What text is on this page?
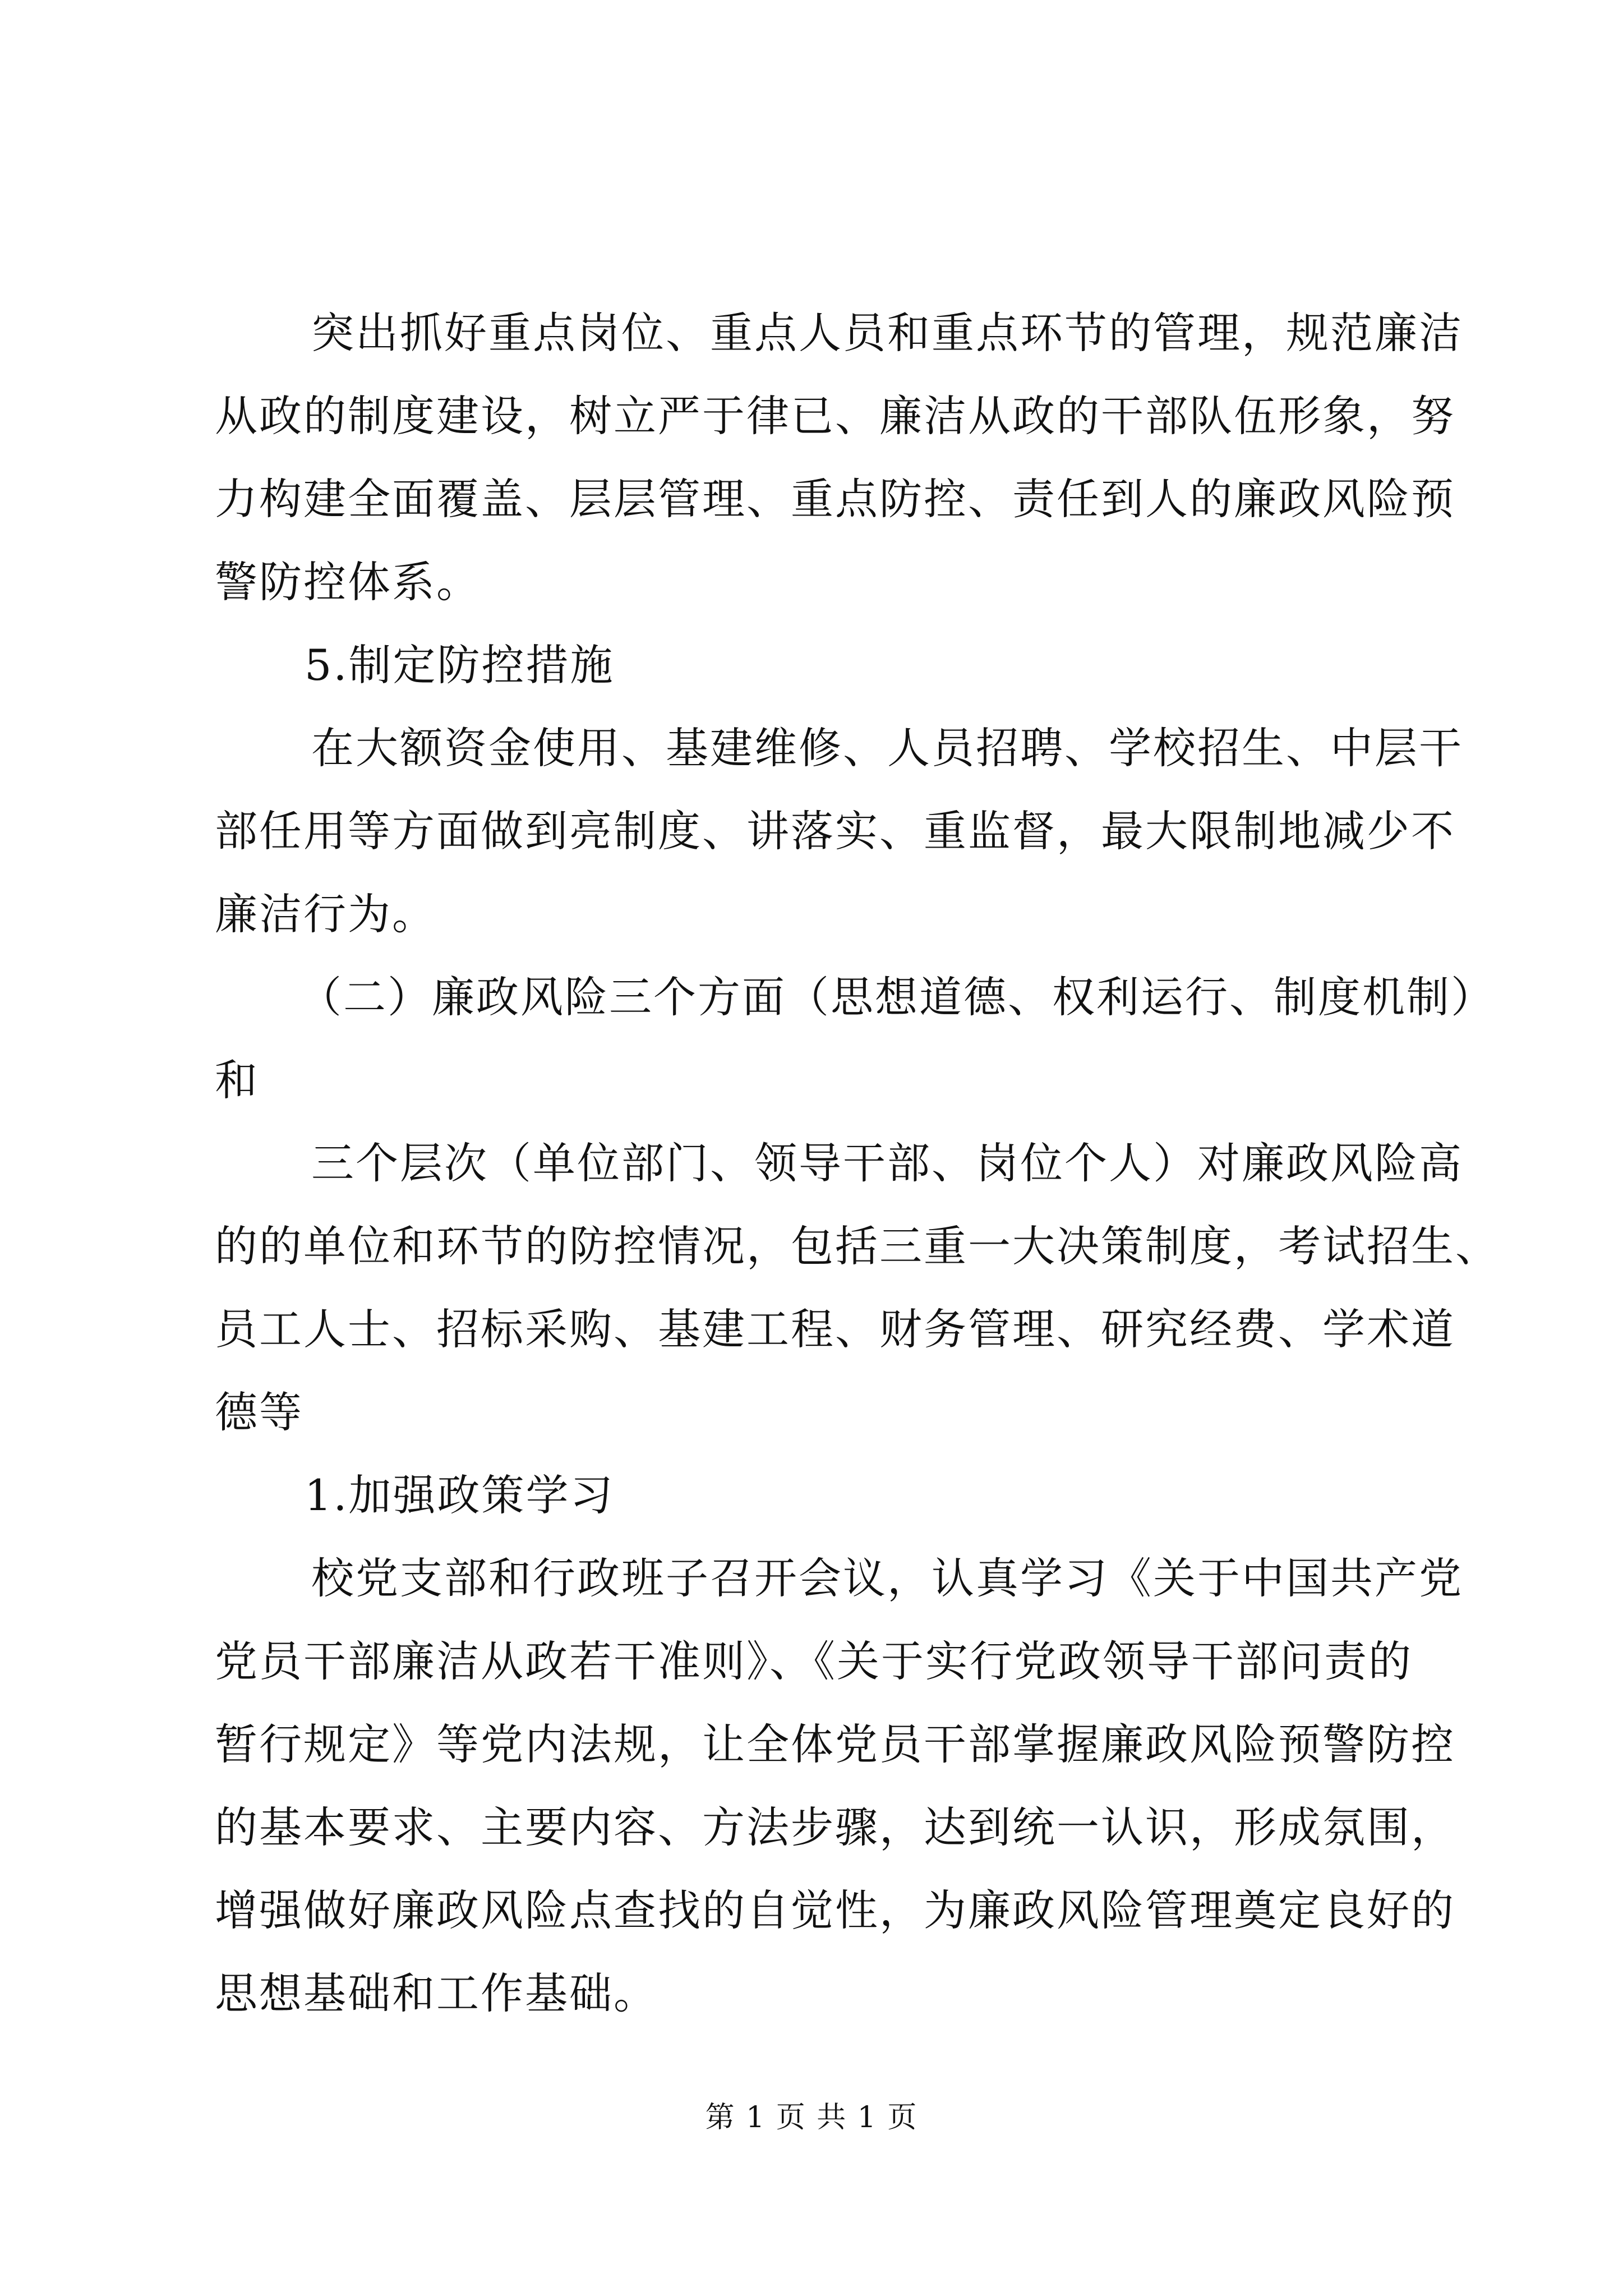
突出抓好重点岗位、重点人员和重点环节的管理，规范廉洁
从政的制度建设，树立严于律已、廉洁从政的干部队伍形象，努
力构建全面覆盖、层层管理、重点防控、责任到人的廉政风险预
警防控体系。
5.制定防控措施
在大额资金使用、基建维修、人员招聘、学校招生、中层干
部任用等方面做到亮制度、讲落实、重监督，最大限制地减少不
廉洁行为。
（二）廉政风险三个方面（思想道德、权利运行、制度机制）
和
三个层次（单位部门、领导干部、岗位个人）对廉政风险高
的的单位和环节的防控情况，包括三重一大决策制度，考试招生、
员工人士、招标采购、基建工程、财务管理、研究经费、学术道
德等
1.加强政策学习
校党支部和行政班子召开会议，认真学习《关于中国共产党
党员干部廉洁从政若干准则》、《关于实行党政领导干部问责的
暂行规定》等党内法规，让全体党员干部掌握廉政风险预警防控
的基本要求、主要内容、方法步骤，达到统一认识，形成氛围，
增强做好廉政风险点查找的自觉性，为廉政风险管理奠定良好的
思想基础和工作基础。
第 1 页 共 1 页
